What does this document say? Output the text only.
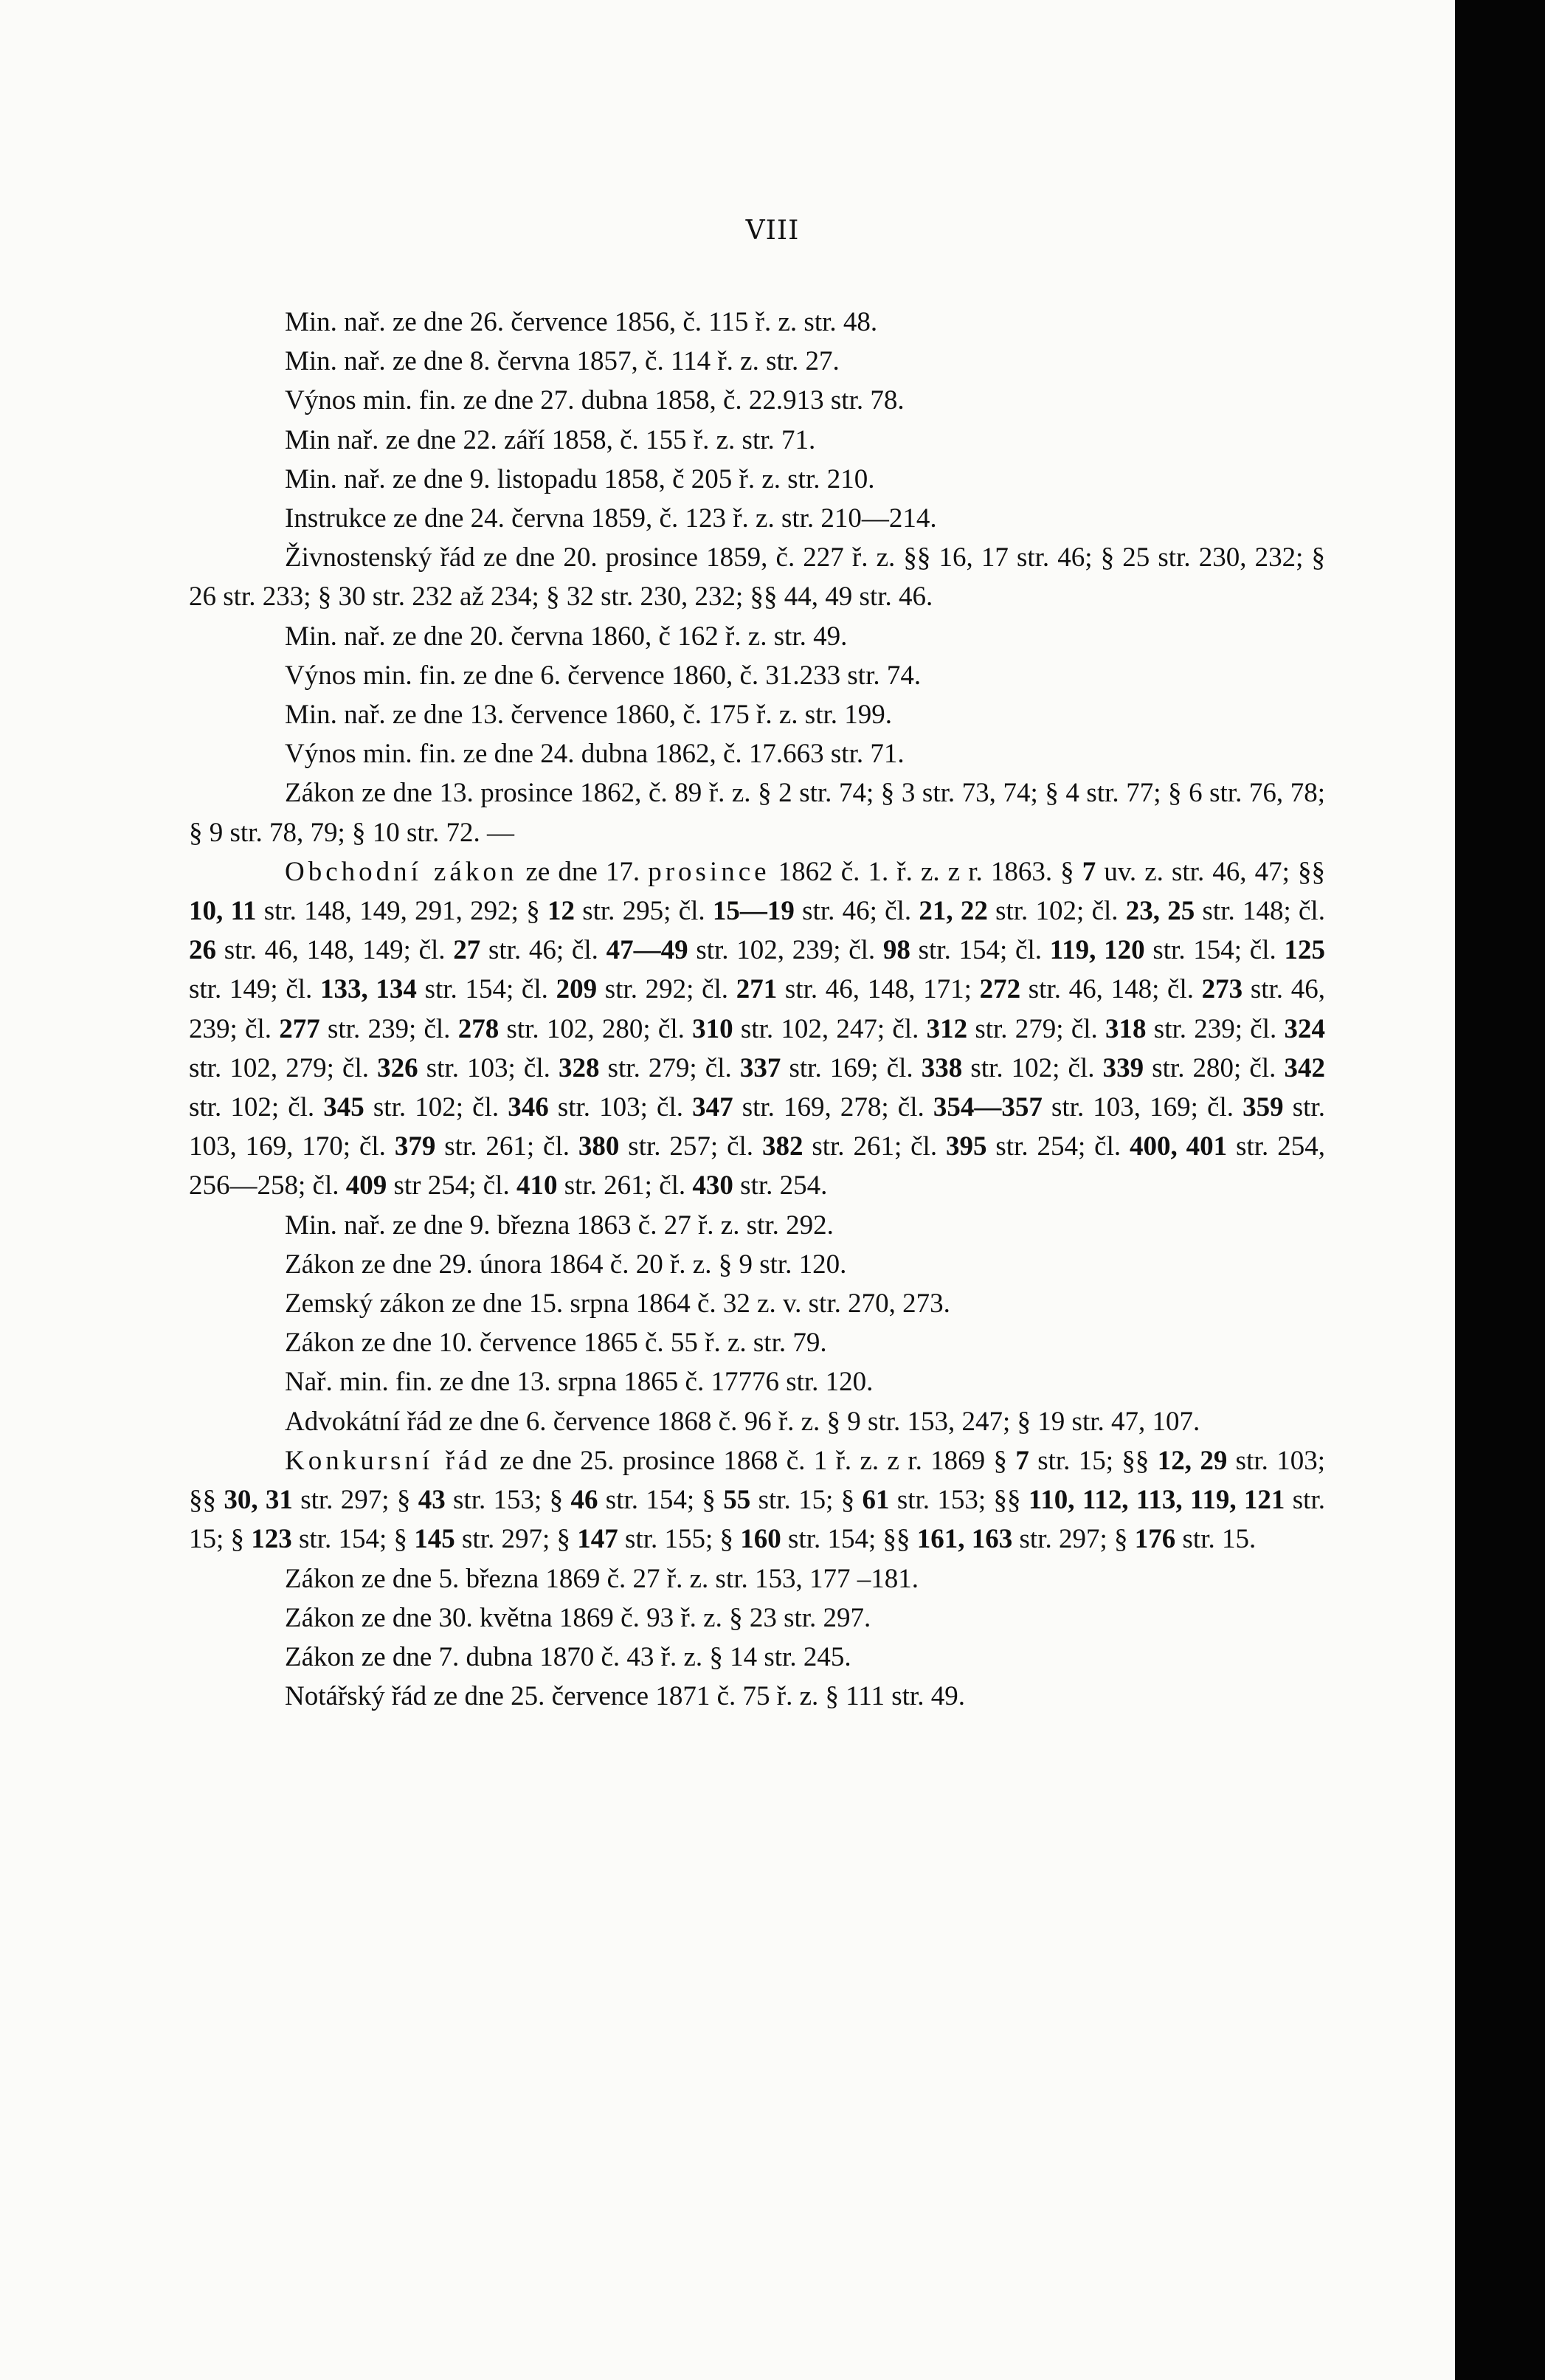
VIII

Min. nař. ze dne 26. července 1856, č. 115 ř. z. str. 48.

Min. nař. ze dne 8. června 1857, č. 114 ř. z. str. 27.

Výnos min. fin. ze dne 27. dubna 1858, č. 22.913 str. 78.

Min nař. ze dne 22. září 1858, č. 155 ř. z. str. 71.

Min. nař. ze dne 9. listopadu 1858, č 205 ř. z. str. 210.

Instrukce ze dne 24. června 1859, č. 123 ř. z. str. 210—214.

Živnostenský řád ze dne 20. prosince 1859, č. 227 ř. z. §§ 16, 17 str. 46; § 25 str. 230, 232; § 26 str. 233; § 30 str. 232 až 234; § 32 str. 230, 232; §§ 44, 49 str. 46.

Min. nař. ze dne 20. června 1860, č 162 ř. z. str. 49.

Výnos min. fin. ze dne 6. července 1860, č. 31.233 str. 74.

Min. nař. ze dne 13. července 1860, č. 175 ř. z. str. 199.

Výnos min. fin. ze dne 24. dubna 1862, č. 17.663 str. 71.

Zákon ze dne 13. prosince 1862, č. 89 ř. z. § 2 str. 74; § 3 str. 73, 74; § 4 str. 77; § 6 str. 76, 78; § 9 str. 78, 79; § 10 str. 72. —

Obchodní zákon ze dne 17. prosince 1862 č. 1. ř. z. z r. 1863. § 7 uv. z. str. 46, 47; §§ 10, 11 str. 148, 149, 291, 292; § 12 str. 295; čl. 15—19 str. 46; čl. 21, 22 str. 102; čl. 23, 25 str. 148; čl. 26 str. 46, 148, 149; čl. 27 str. 46; čl. 47—49 str. 102, 239; čl. 98 str. 154; čl. 119, 120 str. 154; čl. 125 str. 149; čl. 133, 134 str. 154; čl. 209 str. 292; čl. 271 str. 46, 148, 171; 272 str. 46, 148; čl. 273 str. 46, 239; čl. 277 str. 239; čl. 278 str. 102, 280; čl. 310 str. 102, 247; čl. 312 str. 279; čl. 318 str. 239; čl. 324 str. 102, 279; čl. 326 str. 103; čl. 328 str. 279; čl. 337 str. 169; čl. 338 str. 102; čl. 339 str. 280; čl. 342 str. 102; čl. 345 str. 102; čl. 346 str. 103; čl. 347 str. 169, 278; čl. 354—357 str. 103, 169; čl. 359 str. 103, 169, 170; čl. 379 str. 261; čl. 380 str. 257; čl. 382 str. 261; čl. 395 str. 254; čl. 400, 401 str. 254, 256—258; čl. 409 str 254; čl. 410 str. 261; čl. 430 str. 254.

Min. nař. ze dne 9. března 1863 č. 27 ř. z. str. 292.

Zákon ze dne 29. února 1864 č. 20 ř. z. § 9 str. 120.

Zemský zákon ze dne 15. srpna 1864 č. 32 z. v. str. 270, 273.

Zákon ze dne 10. července 1865 č. 55 ř. z. str. 79.

Nař. min. fin. ze dne 13. srpna 1865 č. 17776 str. 120.

Advokátní řád ze dne 6. července 1868 č. 96 ř. z. § 9 str. 153, 247; § 19 str. 47, 107.

Konkursní řád ze dne 25. prosince 1868 č. 1 ř. z. z r. 1869 § 7 str. 15; §§ 12, 29 str. 103; §§ 30, 31 str. 297; § 43 str. 153; § 46 str. 154; § 55 str. 15; § 61 str. 153; §§ 110, 112, 113, 119, 121 str. 15; § 123 str. 154; § 145 str. 297; § 147 str. 155; § 160 str. 154; §§ 161, 163 str. 297; § 176 str. 15.

Zákon ze dne 5. března 1869 č. 27 ř. z. str. 153, 177 –181.

Zákon ze dne 30. května 1869 č. 93 ř. z. § 23 str. 297.

Zákon ze dne 7. dubna 1870 č. 43 ř. z. § 14 str. 245.

Notářský řád ze dne 25. července 1871 č. 75 ř. z. § 111 str. 49.
